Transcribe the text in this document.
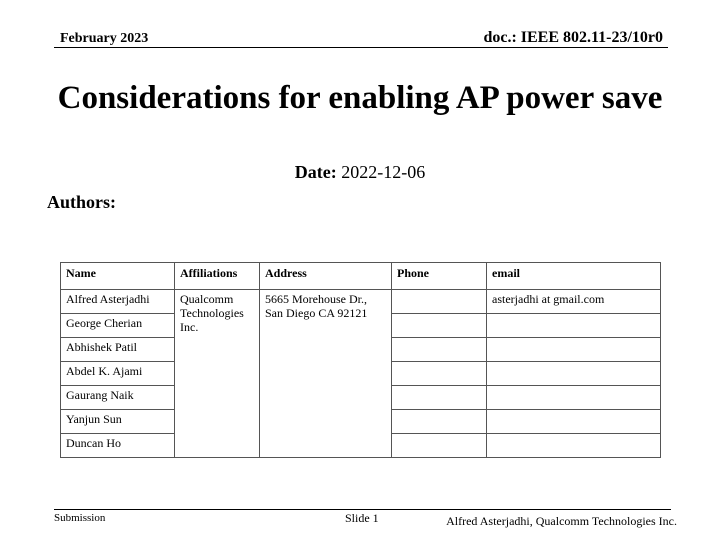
February 2023	doc.: IEEE 802.11-23/10r0
Considerations for enabling AP power save
Date: 2022-12-06
Authors:
Name	Affiliations	Address	Phone	email
Alfred Asterjadhi	Qualcomm Technologies Inc.	5665 Morehouse Dr., San Diego CA 92121		asterjadhi at gmail.com
George Cherian				
Abhishek Patil				
Abdel K. Ajami				
Gaurang Naik				
Yanjun Sun				
Duncan Ho				
Submission	Slide 1	Alfred Asterjadhi, Qualcomm Technologies Inc.
